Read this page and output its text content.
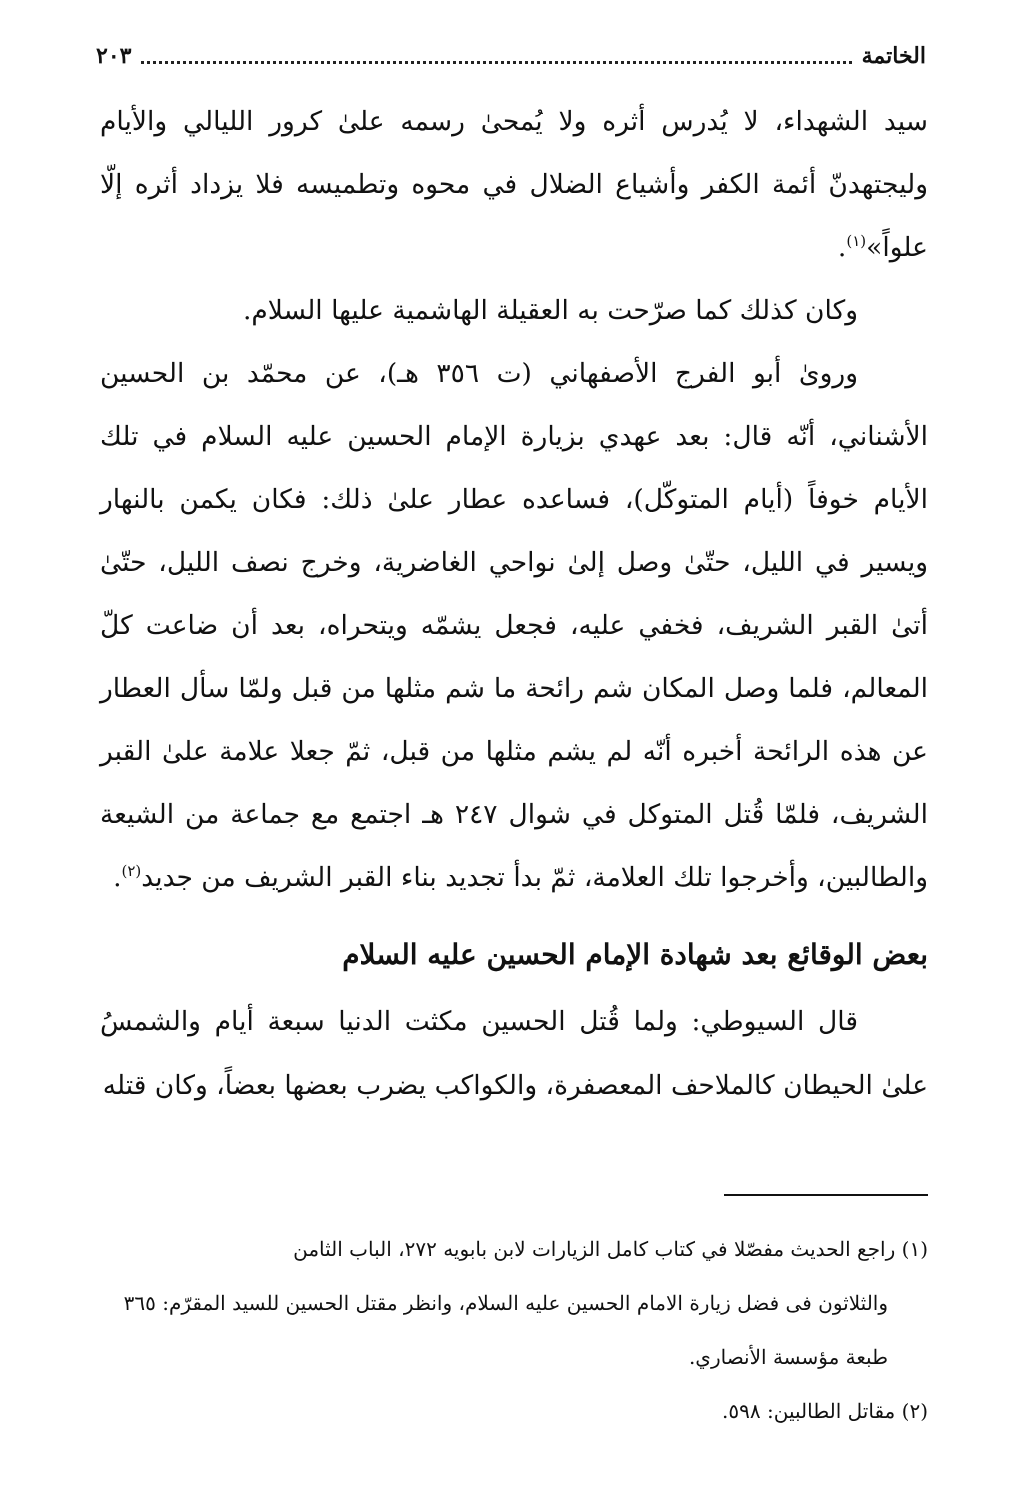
الخاتمة
٢٠٣

سيد الشهداء، لا يُدرس أثره ولا يُمحىٰ رسمه علىٰ كرور الليالي والأيام وليجتهدنّ أئمة الكفر وأشياع الضلال في محوه وتطميسه فلا يزداد أثره إلّا علواً»$^{(١)}$.

وكان كذلك كما صرّحت به العقيلة الهاشمية عليها السلام.

وروىٰ أبو الفرج الأصفهاني (ت ٣٥٦ هـ)، عن محمّد بن الحسين الأشناني، أنّه قال: بعد عهدي بزيارة الإمام الحسين عليه السلام في تلك الأيام خوفاً (أيام المتوكّل)، فساعده عطار علىٰ ذلك: فكان يكمن بالنهار ويسير في الليل، حتّىٰ وصل إلىٰ نواحي الغاضرية، وخرج نصف الليل، حتّىٰ أتىٰ القبر الشريف، فخفي عليه، فجعل يشمّه ويتحراه، بعد أن ضاعت كلّ المعالم، فلما وصل المكان شم رائحة ما شم مثلها من قبل ولمّا سأل العطار عن هذه الرائحة أخبره أنّه لم يشم مثلها من قبل، ثمّ جعلا علامة علىٰ القبر الشريف، فلمّا قُتل المتوكل في شوال ٢٤٧ هـ اجتمع مع جماعة من الشيعة والطالبين، وأخرجوا تلك العلامة، ثمّ بدأ تجديد بناء القبر الشريف من جديد$^{(٢)}$.

بعض الوقائع بعد شهادة الإمام الحسين عليه السلام

قال السيوطي: ولما قُتل الحسين مكثت الدنيا سبعة أيام والشمسُ علىٰ الحيطان كالملاحف المعصفرة، والكواكب يضرب بعضها بعضاً، وكان قتله

(١) راجع الحديث مفصّلا في كتاب كامل الزيارات لابن بابويه ٢٧٢، الباب الثامن

والثلاثون فى فضل زيارة الامام الحسين عليه السلام، وانظر مقتل الحسين للسيد المقرّم: ٣٦٥

طبعة مؤسسة الأنصاري.

(٢) مقاتل الطالبين: ٥٩٨.
